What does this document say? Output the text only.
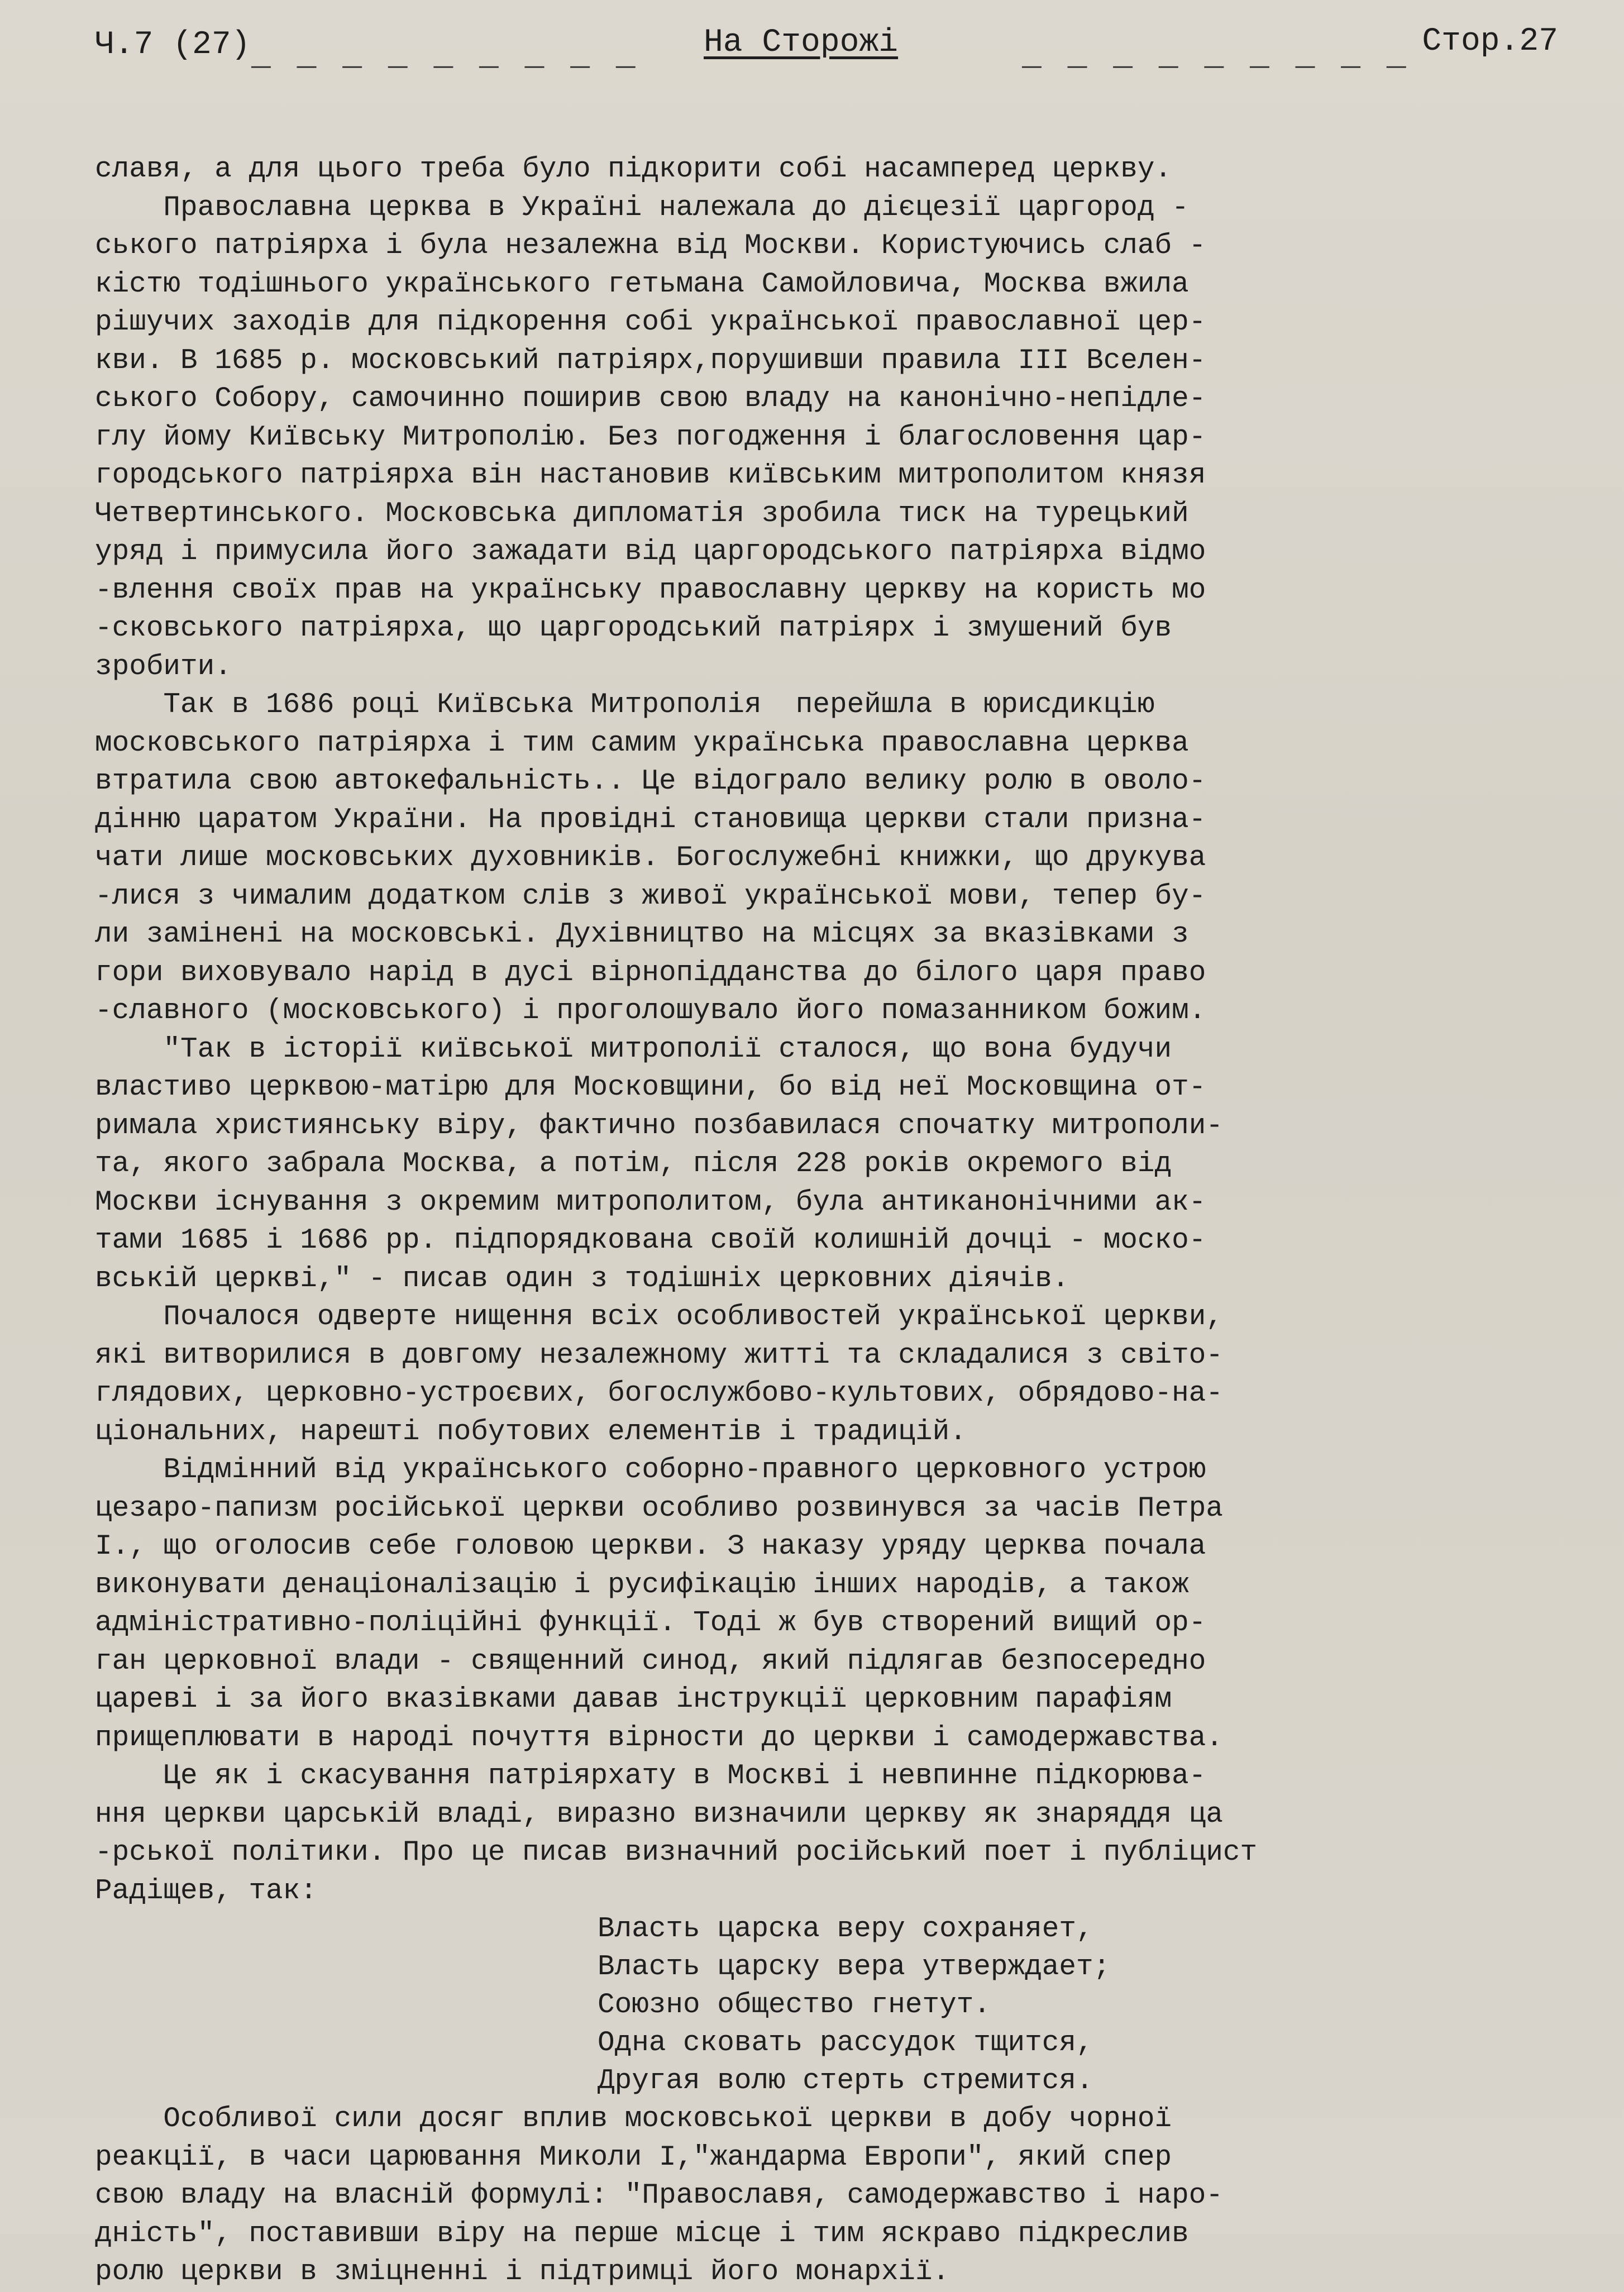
Ч.7 (27) _ _ _ _ _ _ _ _ _ На Сторожі	_ _ _ _ _ _ _ _ _ Стор.27
славя, а для цього треба було підкорити собі насамперед церкву.
Православна церква в Україні належала до дієцезії царгород -
ського патріярха і була незалежна від Москви. Користуючись слаб -
кістю тодішнього українського гетьмана Самойловича, Москва вжила
рішучих заходів для підкорення собі української православної цер-
кви. В 1685 р. московський патріярх,порушивши правила III Вселен-
ського Собору, самочинно поширив свою владу на канонічно-непідле-
глу йому Київську Митрополію. Без погодження і благословення цар-
городського патріярха він настановив київським митрополитом князя
Четвертинського. Московська дипломатія зробила тиск на турецький
уряд і примусила його зажадати від царгородського патріярха відмо
-влення своїх прав на українську православну церкву на користь мо
-сковського патріярха, що царгородський патріярх і змушений був
зробити.
Так в 1686 році Київська Митрополія  перейшла в юрисдикцію
московського патріярха і тим самим українська православна церква
втратила свою автокефальність.. Це відограло велику ролю в оволо-
дінню царатом України. На провідні становища церкви стали призна-
чати лише московських духовників. Богослужебні книжки, що друкува
-лися з чималим додатком слів з живої української мови, тепер бу-
ли замінені на московські. Духівництво на місцях за вказівками з
гори виховувало нарід в дусі вірнопідданства до білого царя право
-славного (московського) і проголошувало його помазанником божим.
"Так в історії київської митрополії сталося, що вона будучи
властиво церквою-матірю для Московщини, бо від неї Московщина от-
римала християнську віру, фактично позбавилася спочатку митрополи-
та, якого забрала Москва, а потім, після 228 років окремого від
Москви існування з окремим митрополитом, була антиканонічними ак-
тами 1685 і 1686 рр. підпорядкована своїй колишній дочці - моско-
вській церкві," - писав один з тодішніх церковних діячів.
Почалося одверте нищення всіх особливостей української церкви,
які витворилися в довгому незалежному житті та складалися з світо-
глядових, церковно-устроєвих, богослужбово-культових, обрядово-на-
ціональних, нарешті побутових елементів і традицій.
Відмінний від українського соборно-правного церковного устрою
цезаро-папизм російської церкви особливо розвинувся за часів Петра
I., що оголосив себе головою церкви. З наказу уряду церква почала
виконувати денаціоналізацію і русифікацію інших народів, а також
адміністративно-поліційні функції. Тоді ж був створений вищий ор-
ган церковної влади - священний синод, який підлягав безпосередно
цареві і за його вказівками давав інструкції церковним парафіям
прищеплювати в народі почуття вірности до церкви і самодержавства.
Це як і скасування патріярхату в Москві і невпинне підкорюва-
ння церкви царській владі, виразно визначили церкву як знаряддя ца
-рської політики. Про це писав визначний російський поет і публіцист
Радіщев, так:
Власть царска веру сохраняет,
Власть царску вера утверждает;
Союзно общество гнетут.
Одна сковать рассудок тщится,
Другая волю стерть стремится.
Особливої сили досяг вплив московської церкви в добу чорної
реакції, в часи царювання Миколи I,"жандарма Европи", який спер
свою владу на власній формулі: "Православя, самодержавство і наро-
дність", поставивши віру на перше місце і тим яскраво підкреслив
ролю церкви в зміцненні і підтримці його монархії.
